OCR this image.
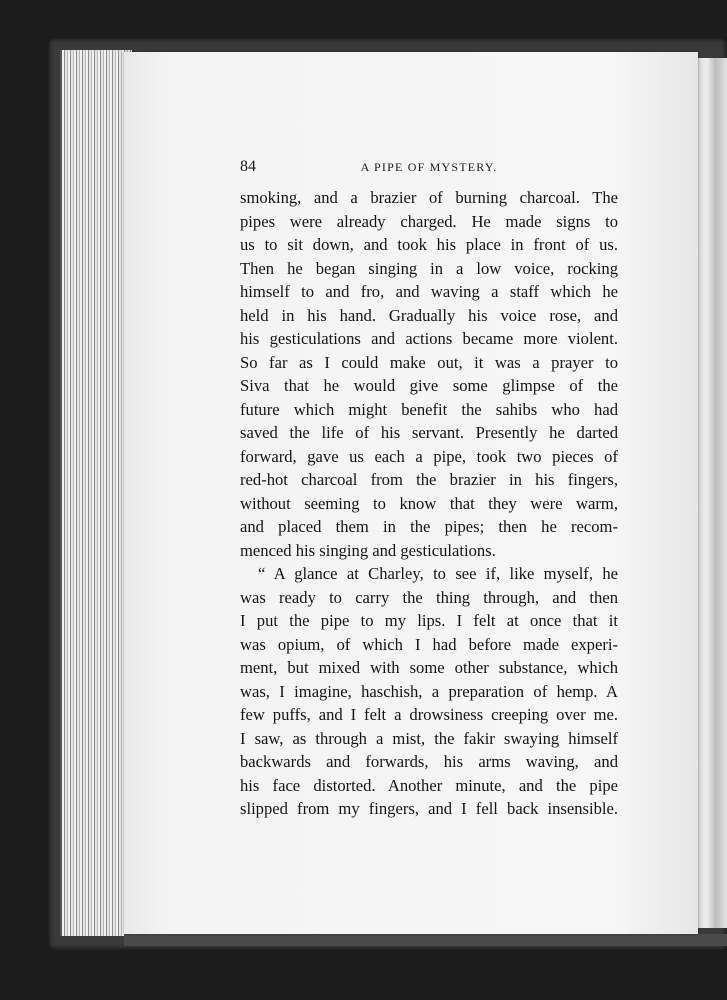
84	A PIPE OF MYSTERY.
smoking, and a brazier of burning charcoal. The
pipes were already charged. He made signs to
us to sit down, and took his place in front of us.
Then he began singing in a low voice, rocking
himself to and fro, and waving a staff which he
held in his hand. Gradually his voice rose, and
his gesticulations and actions became more violent.
So far as I could make out, it was a prayer to
Siva that he would give some glimpse of the
future which might benefit the sahibs who had
saved the life of his servant. Presently he darted
forward, gave us each a pipe, took two pieces of
red-hot charcoal from the brazier in his fingers,
without seeming to know that they were warm,
and placed them in the pipes; then he recom-
menced his singing and gesticulations.
“ A glance at Charley, to see if, like myself, he
was ready to carry the thing through, and then
I put the pipe to my lips. I felt at once that it
was opium, of which I had before made experi-
ment, but mixed with some other substance, which
was, I imagine, haschish, a preparation of hemp. A
few puffs, and I felt a drowsiness creeping over me.
I saw, as through a mist, the fakir swaying himself
backwards and forwards, his arms waving, and
his face distorted. Another minute, and the pipe
slipped from my fingers, and I fell back insensible.
